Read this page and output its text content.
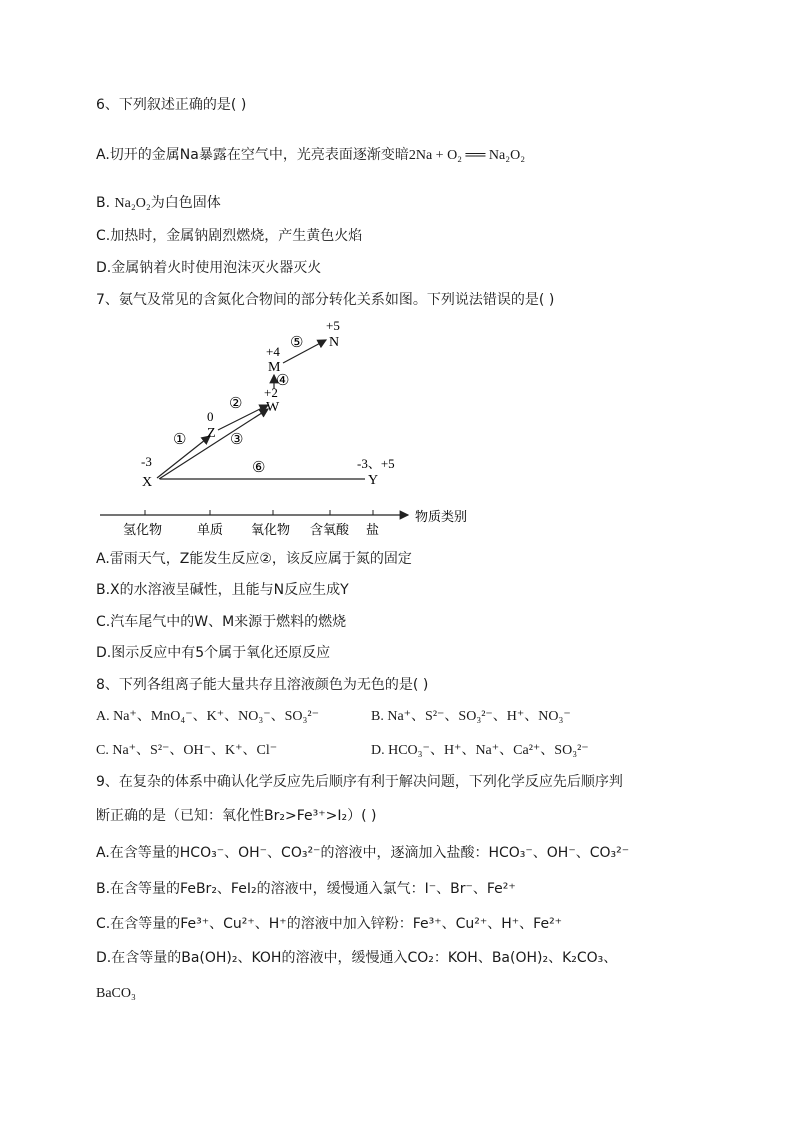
6、下列叙述正确的是( )
A.切开的金属Na暴露在空气中，光亮表面逐渐变暗2Na + O₂ ══ Na₂O₂
B. Na₂O₂为白色固体
C.加热时，金属钠剧烈燃烧，产生黄色火焰
D.金属钠着火时使用泡沫灭火器灭火
7、氨气及常见的含氮化合物间的部分转化关系如图。下列说法错误的是( )
物质类别
氢化物	单质 氧化物 含氧酸 盐
①
②
③
④
⑤
⑥
-3
0
+2
+4
+5
-3、+5
X
Z
W
M
N
Y
A.雷雨天气，Z能发生反应②，该反应属于氮的固定
B.X的水溶液呈碱性，且能与N反应生成Y
C.汽车尾气中的W、M来源于燃料的燃烧
D.图示反应中有5个属于氧化还原反应
8、下列各组离子能大量共存且溶液颜色为无色的是( )
A. Na⁺、MnO₄⁻、K⁺、NO₃⁻、SO₃²⁻	B. Na⁺、S²⁻、SO₃²⁻、H⁺、NO₃⁻
C. Na⁺、S²⁻、OH⁻、K⁺、Cl⁻	D. HCO₃⁻、H⁺、Na⁺、Ca²⁺、SO₃²⁻
9、在复杂的体系中确认化学反应先后顺序有利于解决问题，下列化学反应先后顺序判
断正确的是（已知：氧化性Br₂>Fe³⁺>I₂）( )
A.在含等量的HCO₃⁻、OH⁻、CO₃²⁻的溶液中，逐滴加入盐酸：HCO₃⁻、OH⁻、CO₃²⁻
B.在含等量的FeBr₂、FeI₂的溶液中，缓慢通入氯气：I⁻、Br⁻、Fe²⁺
C.在含等量的Fe³⁺、Cu²⁺、H⁺的溶液中加入锌粉：Fe³⁺、Cu²⁺、H⁺、Fe²⁺
D.在含等量的Ba(OH)₂、KOH的溶液中，缓慢通入CO₂：KOH、Ba(OH)₂、K₂CO₃、
BaCO₃
